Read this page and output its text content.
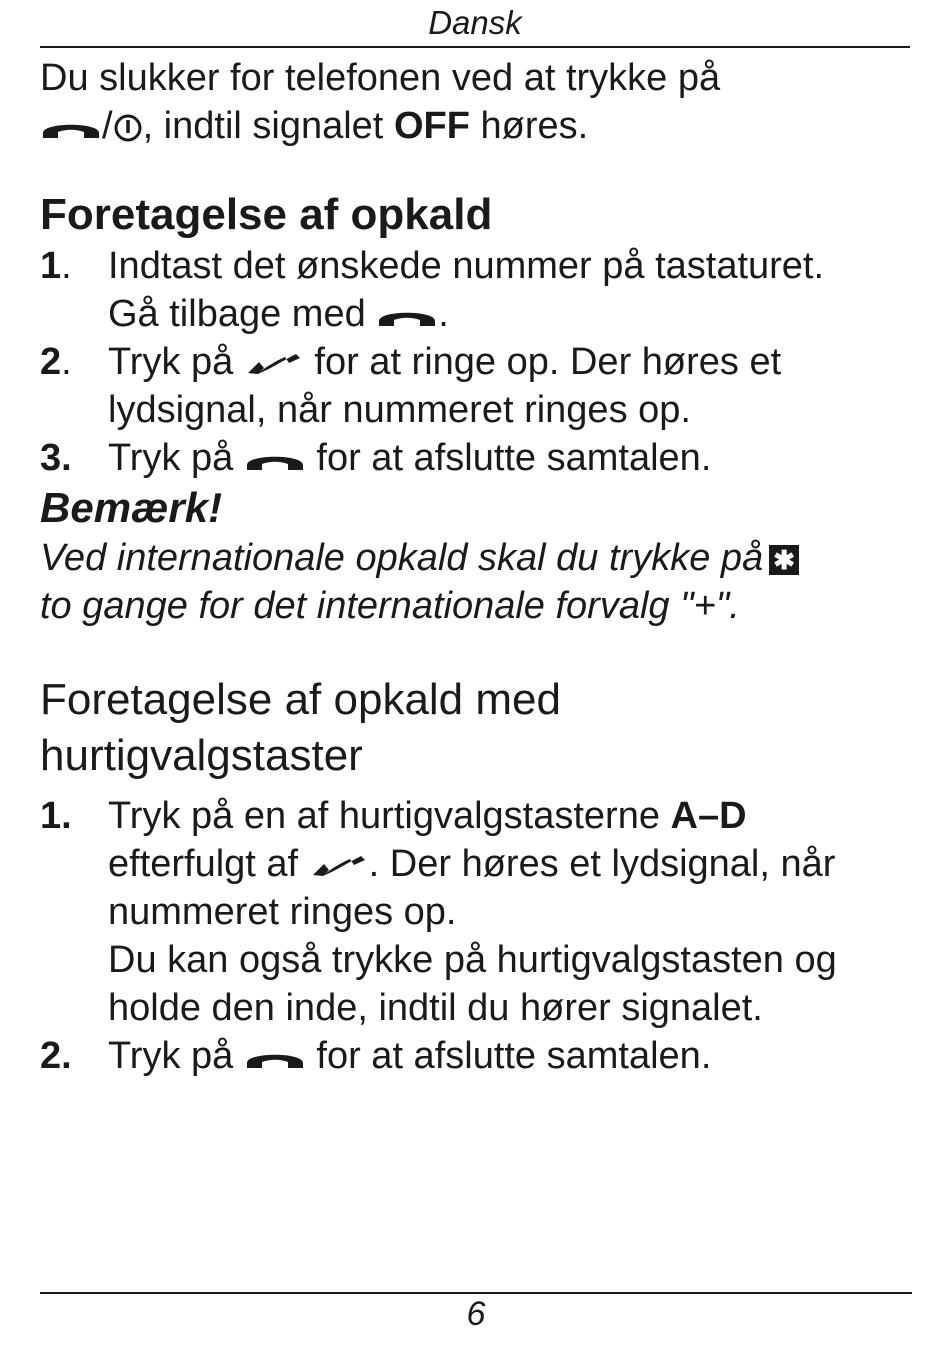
Dansk

Du slukker for telefonen ved at trykke på
/ , indtil signalet OFF høres.

Foretagelse af opkald

1. Indtast det ønskede nummer på tastaturet.
Gå tilbage med .
2. Tryk på  for at ringe op. Der høres et lydsignal, når nummeret ringes op.
3. Tryk på  for at afslutte samtalen.

Bemærk!

Ved internationale opkald skal du trykke på ✱
to gange for det internationale forvalg "+".

Foretagelse af opkald med hurtigvalgstaster

1. Tryk på en af hurtigvalgstasterne A–D
efterfulgt af . Der høres et lydsignal, når nummeret ringes op.
Du kan også trykke på hurtigvalgstasten og holde den inde, indtil du hører signalet.
2. Tryk på  for at afslutte samtalen.
6
